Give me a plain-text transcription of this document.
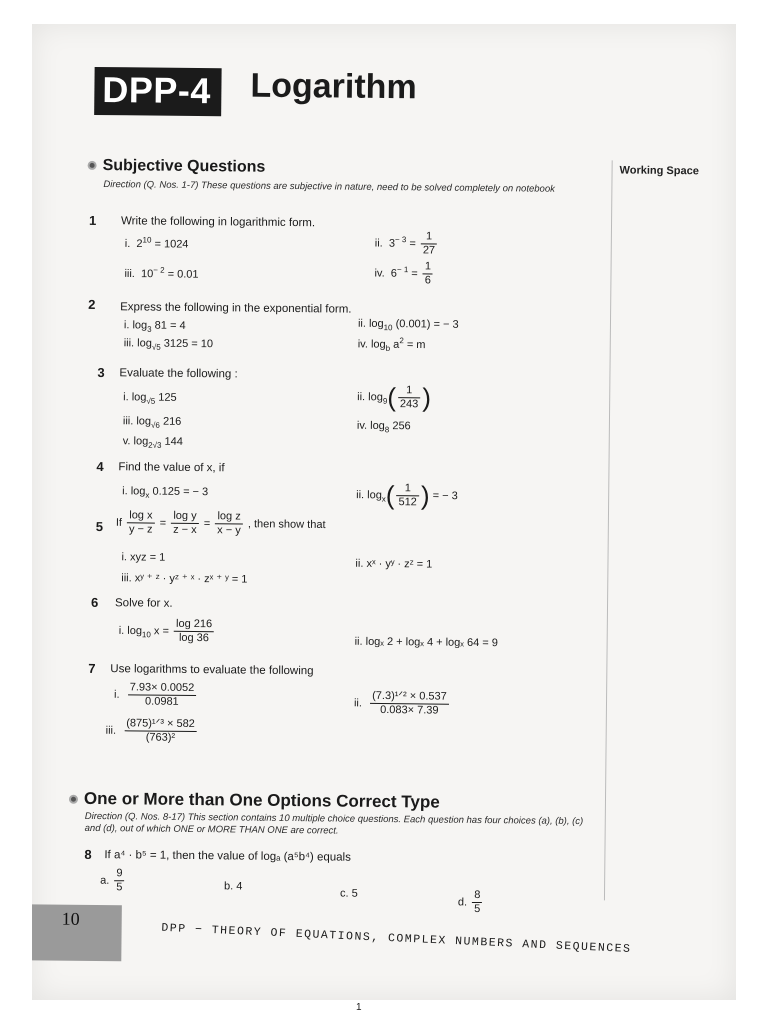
DPP-4 Logarithm
Working Space
Subjective Questions
Direction (Q. Nos. 1-7) These questions are subjective in nature, need to be solved completely on notebook
1 Write the following in logarithmic form.
i. $2^{10} = 1024$	ii. $3^{- 3} = \frac{1}{27}$
iii. $10^{- 2} = 0.01$	iv. $6^{- 1} = \frac{1}{6}$
2 Express the following in the exponential form.
i. $\log_3 81 = 4$	ii. $\log_{10} (0.001)$ = − 3
iii. $\log_{√5} 3125 = 10$	iv. $\log_b a^2 = m$
3 Evaluate the following :
i. $\log_{√5} 125$	ii. $\log_9( \frac{1}{243}$ )
iii. $\log_{√6} 216$	iv. $\log_8 256$
v. $\log_{2√3} 144$
4 Find the value of x, if
i. $\log_x 0.125$ = − 3	ii. $\log_x( \frac{1}{512}$ ) = − 3
5 If $\frac{\text{log x}}{y - z} = \frac{\text{log y}}{z - x} = \frac{\text{log z}}{x - y}$ , then show that
i. xyz = 1
ii. xˣ · yʸ · zᶻ = 1
iii. xʸ ⁺ ᶻ · yᶻ ⁺ ˣ · zˣ ⁺ ʸ = 1
6 Solve for x.
i. $\log_{10} x = \frac{\log 216}{\log 36}$	ii. logₓ 2 + logₓ 4 + logₓ 64 = 9
7 Use logarithms to evaluate the following
i. $\frac{7.93\times 0.0052}{0.0981}$	ii. $\frac{\text{(7.3)¹ᐟ² × 0.537}}{0.083\times 7.39}$
iii. $\frac{\text{(875)¹ᐟ³ × 582}}{\text{(763)²}}$
One or More than One Options Correct Type
Direction (Q. Nos. 8-17) This section contains 10 multiple choice questions. Each question has four choices (a), (b), (c) and (d), out of which ONE or MORE THAN ONE are correct.
8 If a⁴ · b⁵ = 1, then the value of logₐ (a⁵b⁴) equals
a. $\frac{9}{5}$	b. 4
c. 5
d. $\frac{8}{5}$
10
DPP − THEORY OF EQUATIONS, COMPLEX NUMBERS AND SEQUENCES
1
